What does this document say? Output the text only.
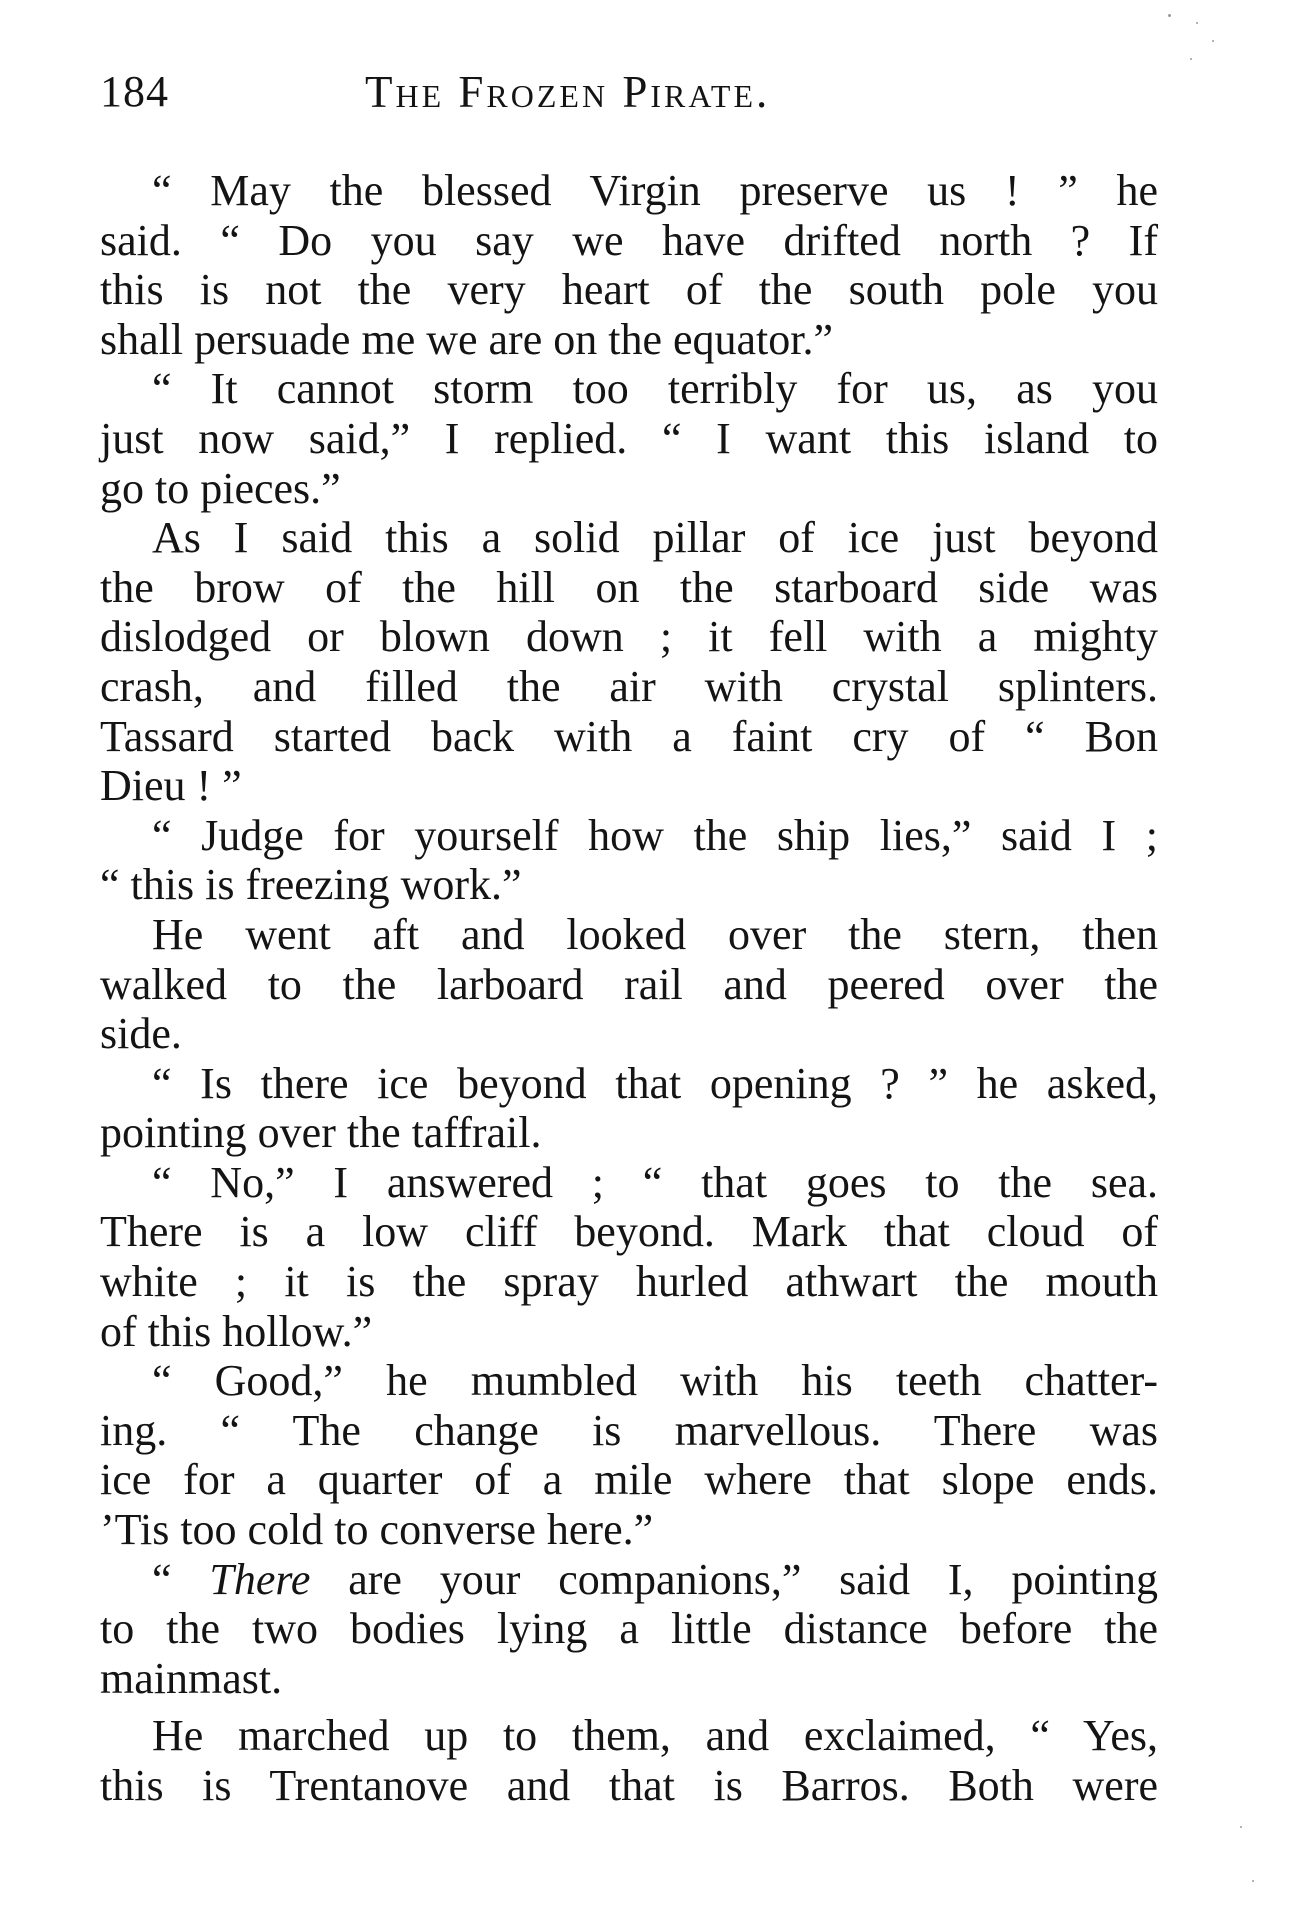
184	The Frozen Pirate.

“ May the blessed Virgin preserve us ! ” he
said. “ Do you say we have drifted north ? If
this is not the very heart of the south pole you
shall persuade me we are on the equator.”

“ It cannot storm too terribly for us, as you
just now said,” I replied. “ I want this island to
go to pieces.”

As I said this a solid pillar of ice just beyond
the brow of the hill on the starboard side was
dislodged or blown down ; it fell with a mighty
crash, and filled the air with crystal splinters.
Tassard started back with a faint cry of “ Bon
Dieu ! ”

“ Judge for yourself how the ship lies,” said I ;
“ this is freezing work.”

He went aft and looked over the stern, then
walked to the larboard rail and peered over the
side.

“ Is there ice beyond that opening ? ” he asked,
pointing over the taffrail.

“ No,” I answered ; “ that goes to the sea.
There is a low cliff beyond. Mark that cloud of
white ; it is the spray hurled athwart the mouth
of this hollow.”

“ Good,” he mumbled with his teeth chatter-
ing. “ The change is marvellous. There was
ice for a quarter of a mile where that slope ends.
’Tis too cold to converse here.”

“ There are your companions,” said I, pointing
to the two bodies lying a little distance before the
mainmast.

He marched up to them, and exclaimed, “ Yes,
this is Trentanove and that is Barros. Both were
